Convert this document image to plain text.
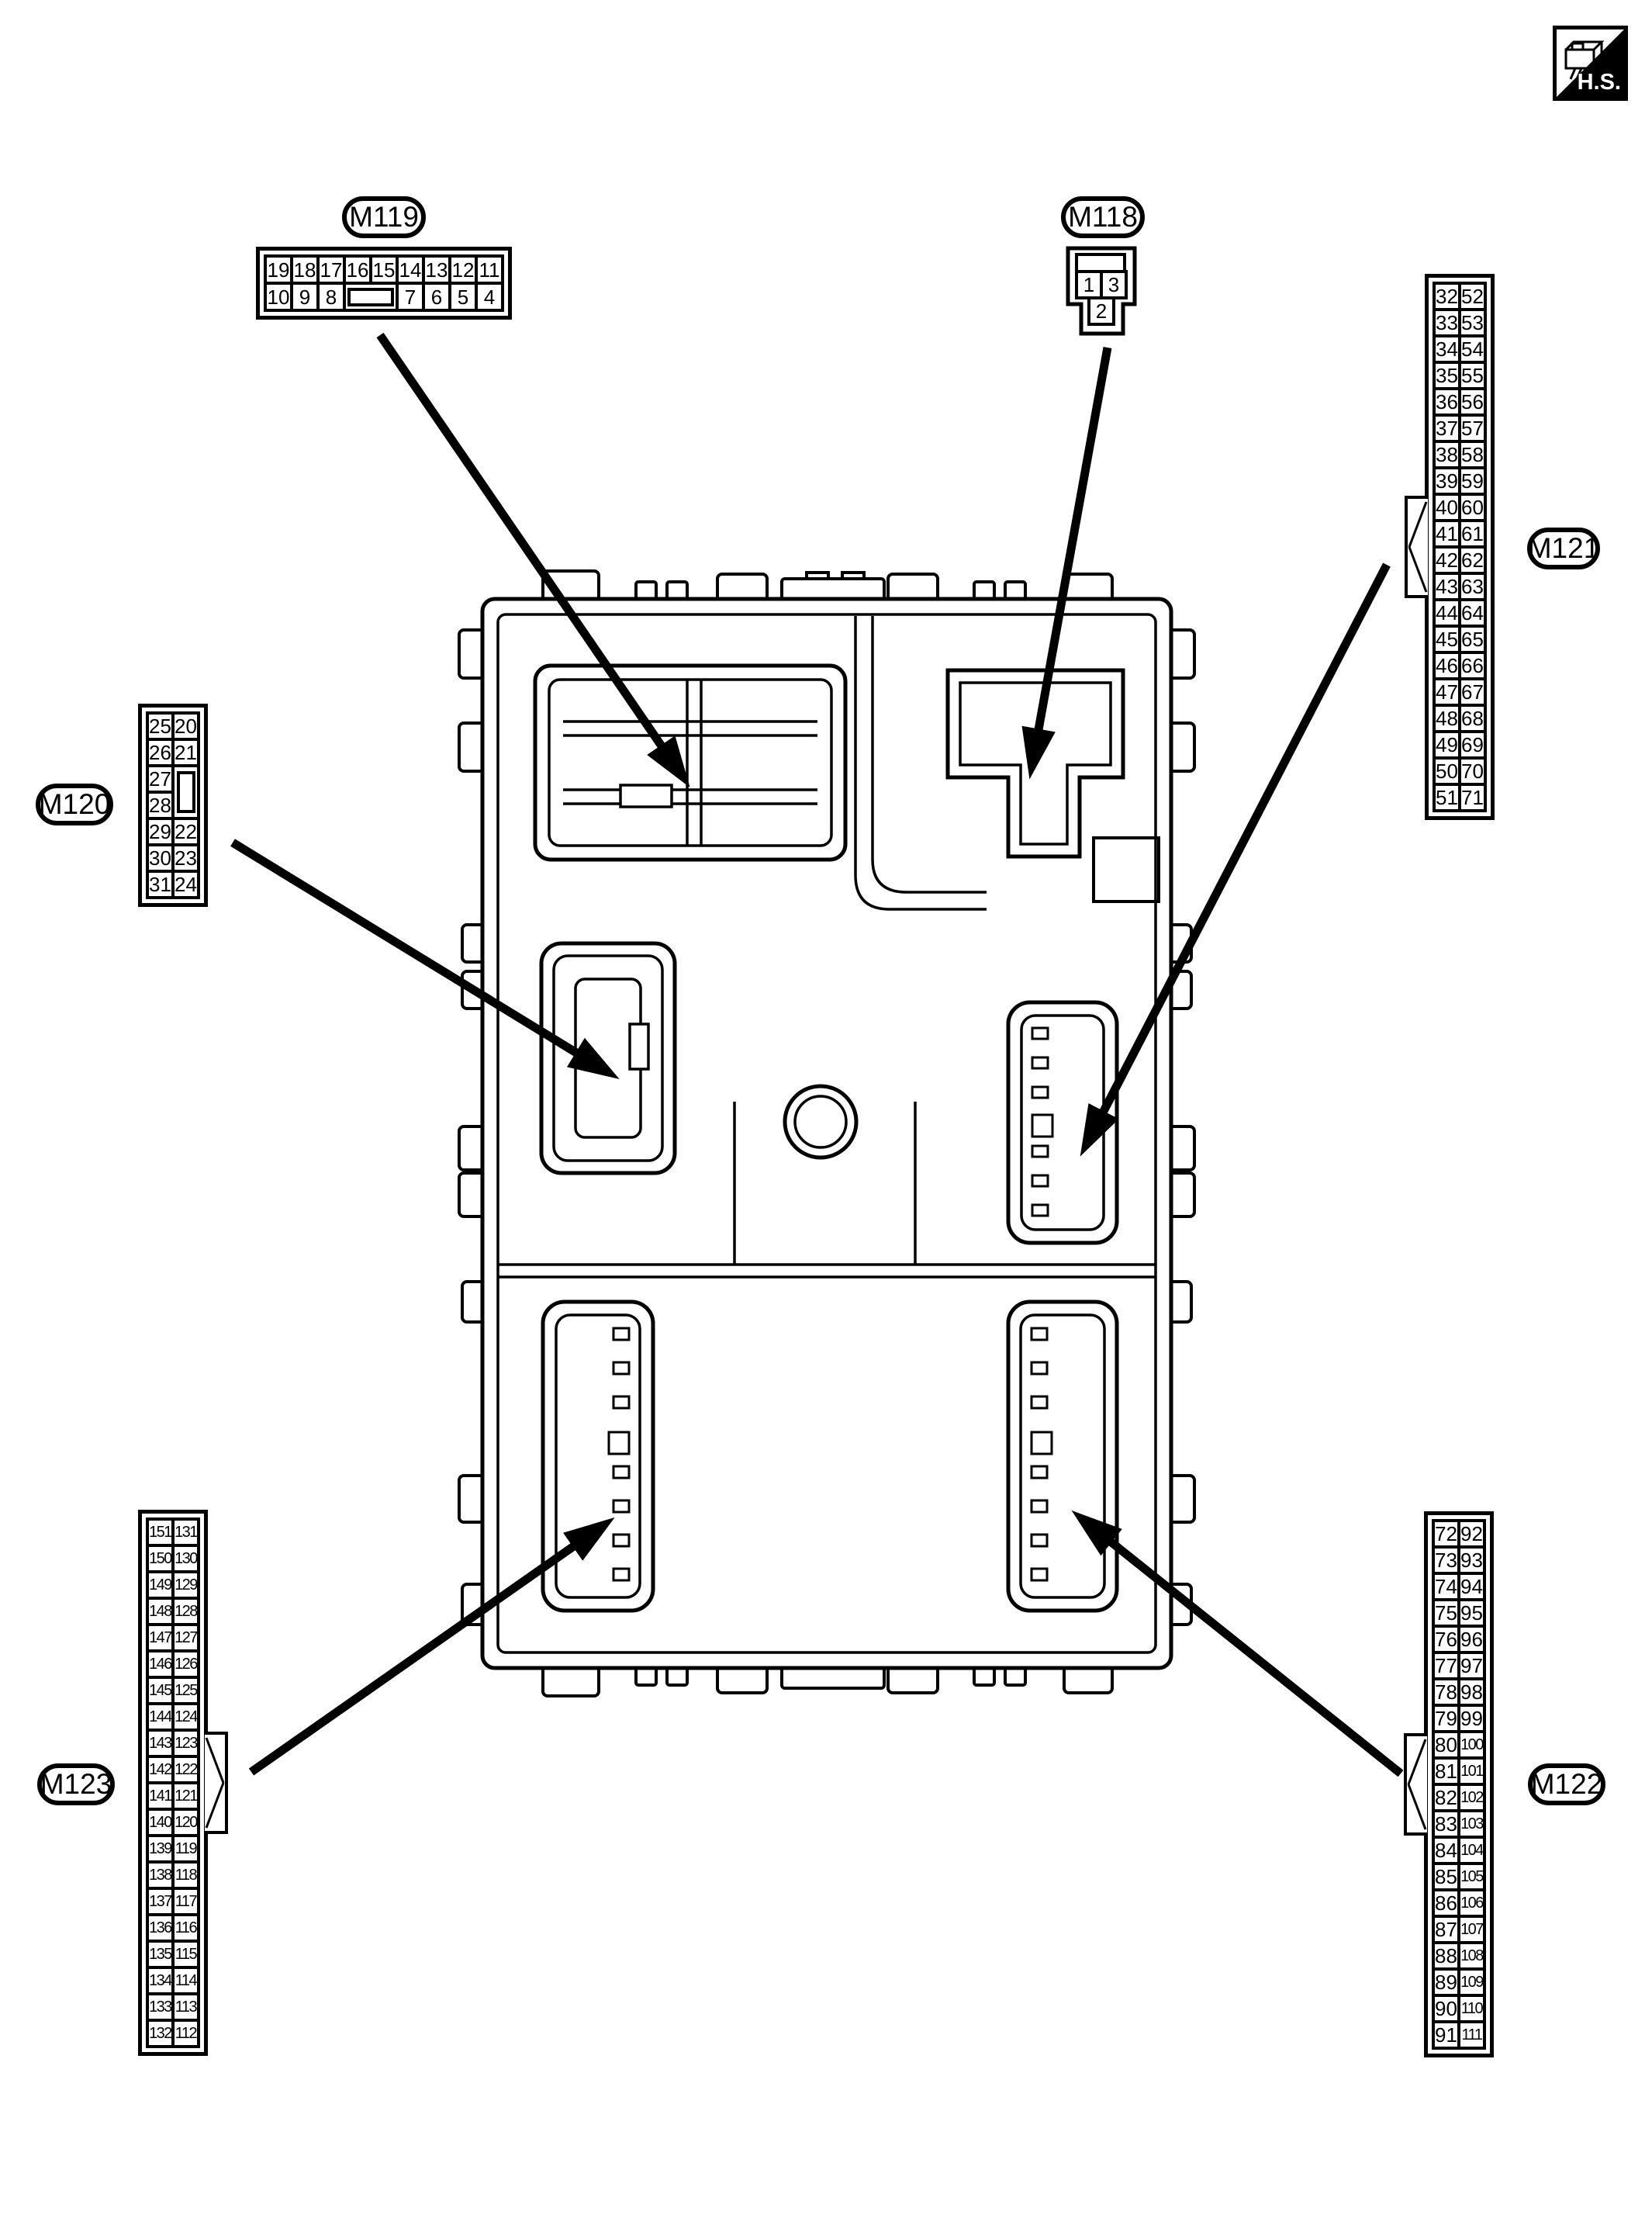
H.S.
M119	M118
M121
M120
M123	M122
19 18 17 16 15 14 13 12 11
10 9 8	7 6 5 4
1 3
2
32 52
33 53
34 54
35 55
36 56
37 57
38 58
39 59
40 60
41 61
42 62
43 63
44 64
45 65
46 66
47 67
48 68
49 69
50 70
51 71
25 20
26 21
27
28
29 22
30 23
31 24
151 131
150 130
149 129
148 128
147 127
146 126
145 125
144 124
143 123
142 122
141 121
140 120
139 119
138 118
137 117
136 116
135 115
134 114
133 113
132 112
72 92
73 93
74 94
75 95
76 96
77 97
78 98
79 99
80 100
81 101
82 102
83 103
84 104
85 105
86 106
87 107
88 108
89 109
90 110
91 111
